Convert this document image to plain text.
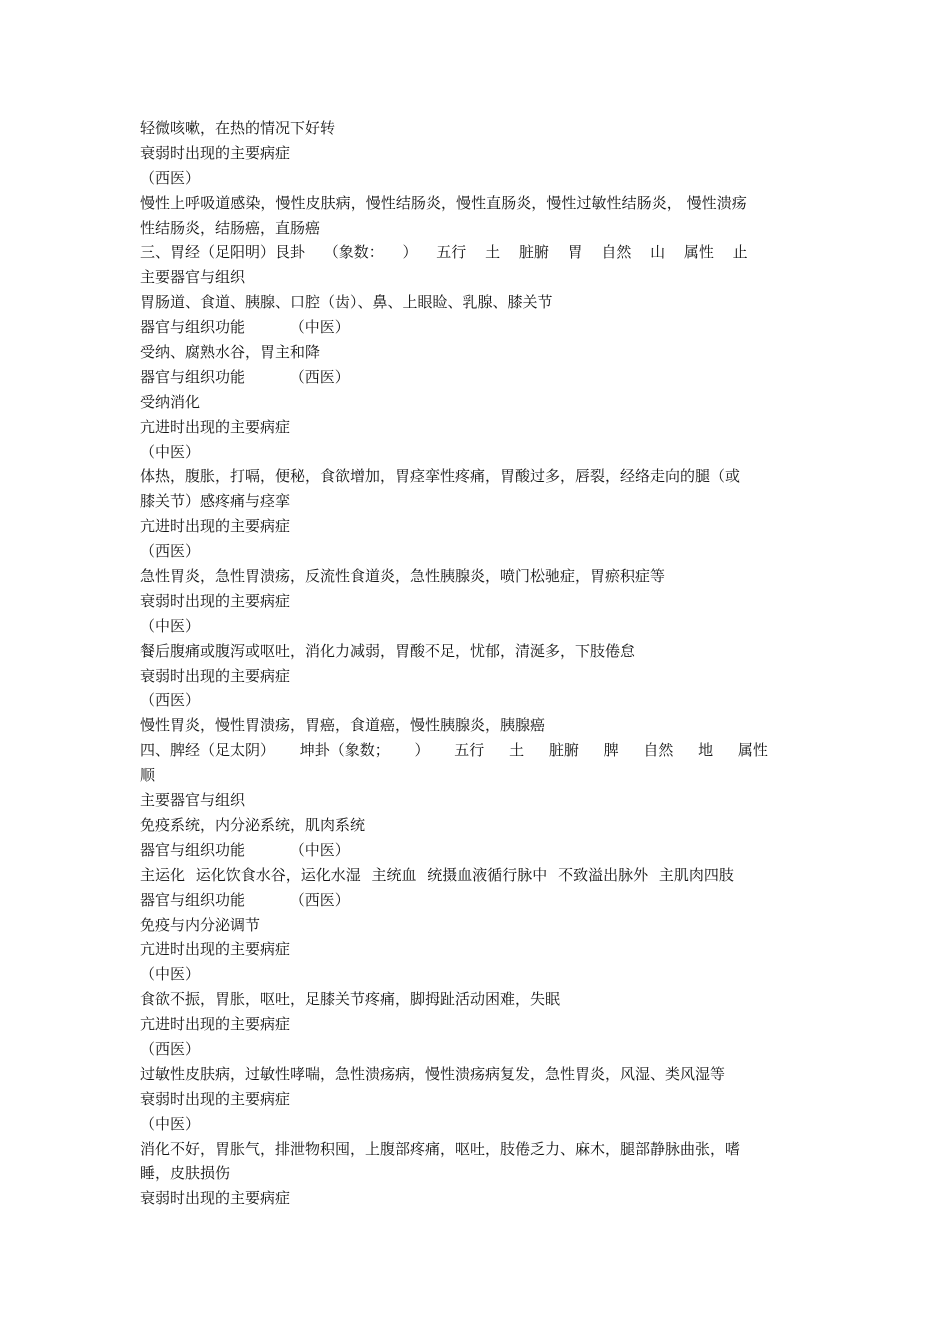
轻微咳嗽，在热的情况下好转
衰弱时出现的主要病症
（西医）
慢性上呼吸道感染，慢性皮肤病，慢性结肠炎，慢性直肠炎，慢性过敏性结肠炎， 慢性溃疡
性结肠炎，结肠癌，直肠癌
三、胃经（足阳明）艮卦 （象数： ） 五行 土 脏腑 胃 自然 山 属性 止
主要器官与组织
胃肠道、食道、胰腺、口腔（齿）、鼻、上眼睑、乳腺、膝关节
器官与组织功能 （中医）
受纳、腐熟水谷，胃主和降
器官与组织功能 （西医）
受纳消化
亢进时出现的主要病症
（中医）
体热，腹胀，打嗝，便秘，食欲增加，胃痉挛性疼痛，胃酸过多，唇裂，经络走向的腿（或
膝关节）感疼痛与痉挛
亢进时出现的主要病症
（西医）
急性胃炎，急性胃溃疡，反流性食道炎，急性胰腺炎，喷门松驰症，胃瘀积症等
衰弱时出现的主要病症
（中医）
餐后腹痛或腹泻或呕吐，消化力减弱，胃酸不足，忧郁，清涎多，下肢倦怠
衰弱时出现的主要病症
（西医）
慢性胃炎，慢性胃溃疡，胃癌，食道癌，慢性胰腺炎，胰腺癌
四、脾经（足太阴） 坤卦（象数； ） 五行 土 脏腑 脾 自然 地 属性
顺
主要器官与组织
免疫系统，内分泌系统，肌肉系统
器官与组织功能 （中医）
主运化 运化饮食水谷，运化水湿 主统血 统摄血液循行脉中 不致溢出脉外 主肌肉四肢
器官与组织功能 （西医）
免疫与内分泌调节
亢进时出现的主要病症
（中医）
食欲不振，胃胀，呕吐，足膝关节疼痛，脚拇趾活动困难，失眠
亢进时出现的主要病症
（西医）
过敏性皮肤病，过敏性哮喘，急性溃疡病，慢性溃疡病复发，急性胃炎，风湿、类风湿等
衰弱时出现的主要病症
（中医）
消化不好，胃胀气，排泄物积囤，上腹部疼痛，呕吐，肢倦乏力、麻木，腿部静脉曲张，嗜
睡，皮肤损伤
衰弱时出现的主要病症
